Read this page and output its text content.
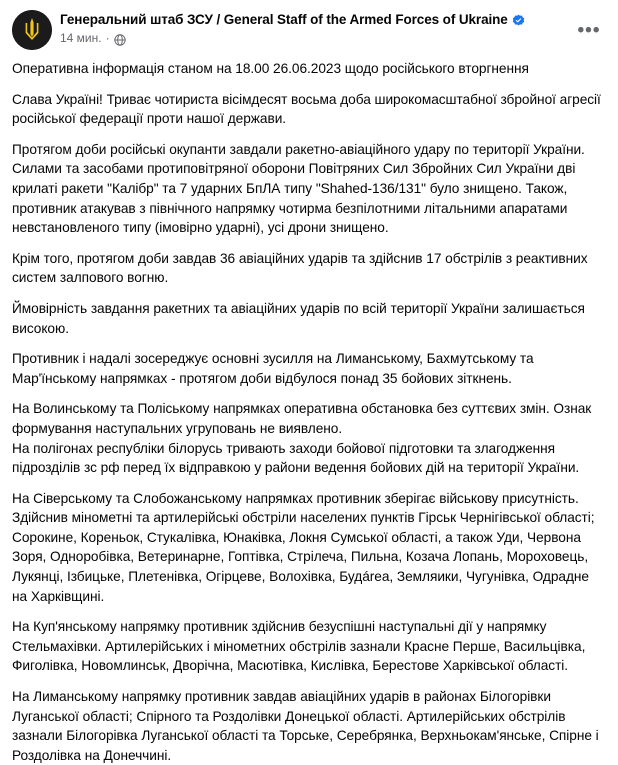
Генеральний штаб ЗСУ / General Staff of the Armed Forces of Ukraine
14 мин. ·	•••

Оперативна інформація станом на 18.00 26.06.2023 щодо російського вторгнення

Слава Україні! Триває чотириста вісімдесят восьма доба широкомасштабної збройної агресії російської федерації проти нашої держави.

Протягом доби російські окупанти завдали ракетно-авіаційного удару по території України. Силами та засобами протиповітряної оборони Повітряних Сил Збройних Сил України дві крилаті ракети "Калібр" та 7 ударних БпЛА типу "Shahed-136/131" було знищено. Також, противник атакував з північного напрямку чотирма безпілотними літальними апаратами невстановленого типу (імовірно ударні), усі дрони знищено.

Крім того, протягом доби завдав 36 авіаційних ударів та здійснив 17 обстрілів з реактивних систем залпового вогню.

Ймовірність завдання ракетних та авіаційних ударів по всій території України залишається високою.

Противник і надалі зосереджує основні зусилля на Лиманському, Бахмутському та Мар'їнському напрямках - протягом доби відбулося понад 35 бойових зіткнень.

На Волинському та Поліському напрямках оперативна обстановка без суттєвих змін. Ознак формування наступальних угруповань не виявлено.

На полігонах республіки білорусь тривають заходи бойової підготовки та злагодження підрозділів зс рф перед їх відправкою у райони ведення бойових дій на території України.

На Сіверському та Слобожанському напрямках противник зберігає військову присутність. Здійснив мінометні та артилерійські обстріли населених пунктів Гірськ Чернігівської області; Сорокине, Кореньок, Стукалівка, Юнаківка, Локня Сумської області, а також Уди, Червона Зоря, Одноробівка, Ветеринарне, Гоптівка, Стрілеча, Пильна, Козача Лопань, Мороховець, Лукянці, Ізбицьке, Плетенівка, Огірцеве, Волохівка, Будárea, Земляики, Чугунівка, Одрадне на Харківщині.

На Куп'янському напрямку противник здійснив безуспішні наступальні дії у напрямку Стельмахівки. Артилерійських і мінометних обстрілів зазнали Красне Перше, Васильцівка, Фиголівка, Новомлинськ, Дворічна, Масютівка, Кислівка, Берестове Харківської області.

На Лиманському напрямку противник завдав авіаційних ударів в районах Білогорівки Луганської області; Спірного та Роздолівки Донецької області. Артилерійських обстрілів зазнали Білогорівка Луганської області та Торське, Серебрянка, Верхньокам'янське, Спірне і Роздолівка на Донеччині.
